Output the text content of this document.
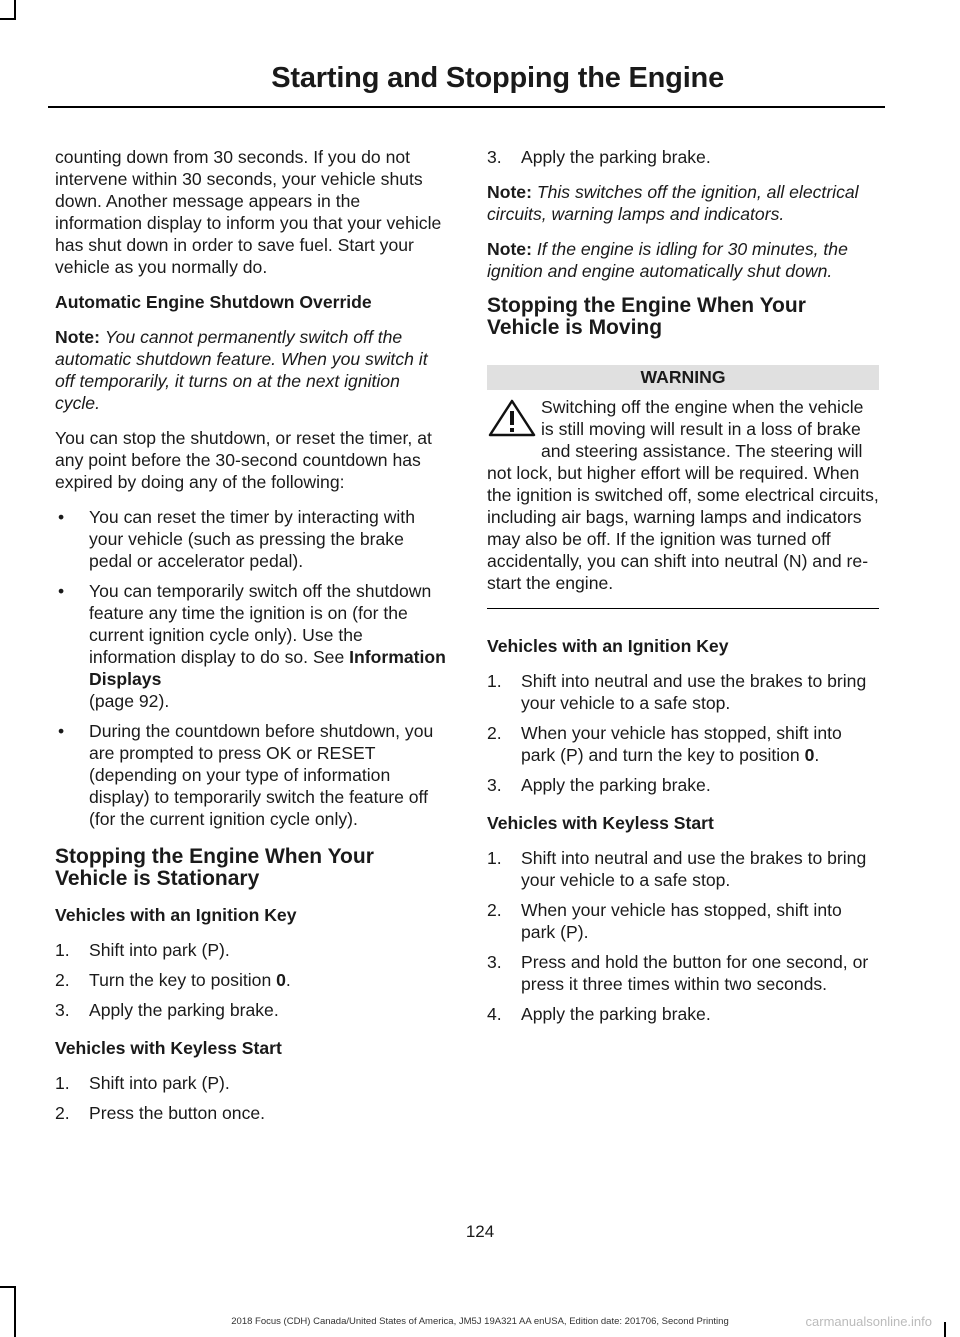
Starting and Stopping the Engine

counting down from 30 seconds. If you do not intervene within 30 seconds, your vehicle shuts down. Another message appears in the information display to inform you that your vehicle has shut down in order to save fuel. Start your vehicle as you normally do.

Automatic Engine Shutdown Override

Note: You cannot permanently switch off the automatic shutdown feature. When you switch it off temporarily, it turns on at the next ignition cycle.

You can stop the shutdown, or reset the timer, at any point before the 30-second countdown has expired by doing any of the following:

• You can reset the timer by interacting with your vehicle (such as pressing the brake pedal or accelerator pedal).
• You can temporarily switch off the shutdown feature any time the ignition is on (for the current ignition cycle only). Use the information display to do so. See Information Displays
(page 92).
• During the countdown before shutdown, you are prompted to press OK or RESET (depending on your type of information display) to temporarily switch the feature off (for the current ignition cycle only).
Stopping the Engine When Your Vehicle is Stationary
Vehicles with an Ignition Key
1. Shift into park (P).
2. Turn the key to position 0.
3. Apply the parking brake.
Vehicles with Keyless Start
1. Shift into park (P).
2. Press the button once.
3. Apply the parking brake.

Note: This switches off the ignition, all electrical circuits, warning lamps and indicators.

Note: If the engine is idling for 30 minutes, the ignition and engine automatically shut down.

Stopping the Engine When Your Vehicle is Moving
WARNING
Switching off the engine when the vehicle is still moving will result in a loss of brake and steering assistance. The steering will not lock, but higher effort will be required. When the ignition is switched off, some electrical circuits, including air bags, warning lamps and indicators may also be off. If the ignition was turned off accidentally, you can shift into neutral (N) and re-start the engine.
Vehicles with an Ignition Key
1. Shift into neutral and use the brakes to bring your vehicle to a safe stop.
2. When your vehicle has stopped, shift into park (P) and turn the key to position 0.
3. Apply the parking brake.
Vehicles with Keyless Start
1. Shift into neutral and use the brakes to bring your vehicle to a safe stop.
2. When your vehicle has stopped, shift into park (P).
3. Press and hold the button for one second, or press it three times within two seconds.
4. Apply the parking brake.
124
2018 Focus (CDH) Canada/United States of America, JM5J 19A321 AA enUSA, Edition date: 201706, Second Printing	carmanualsonline.info
